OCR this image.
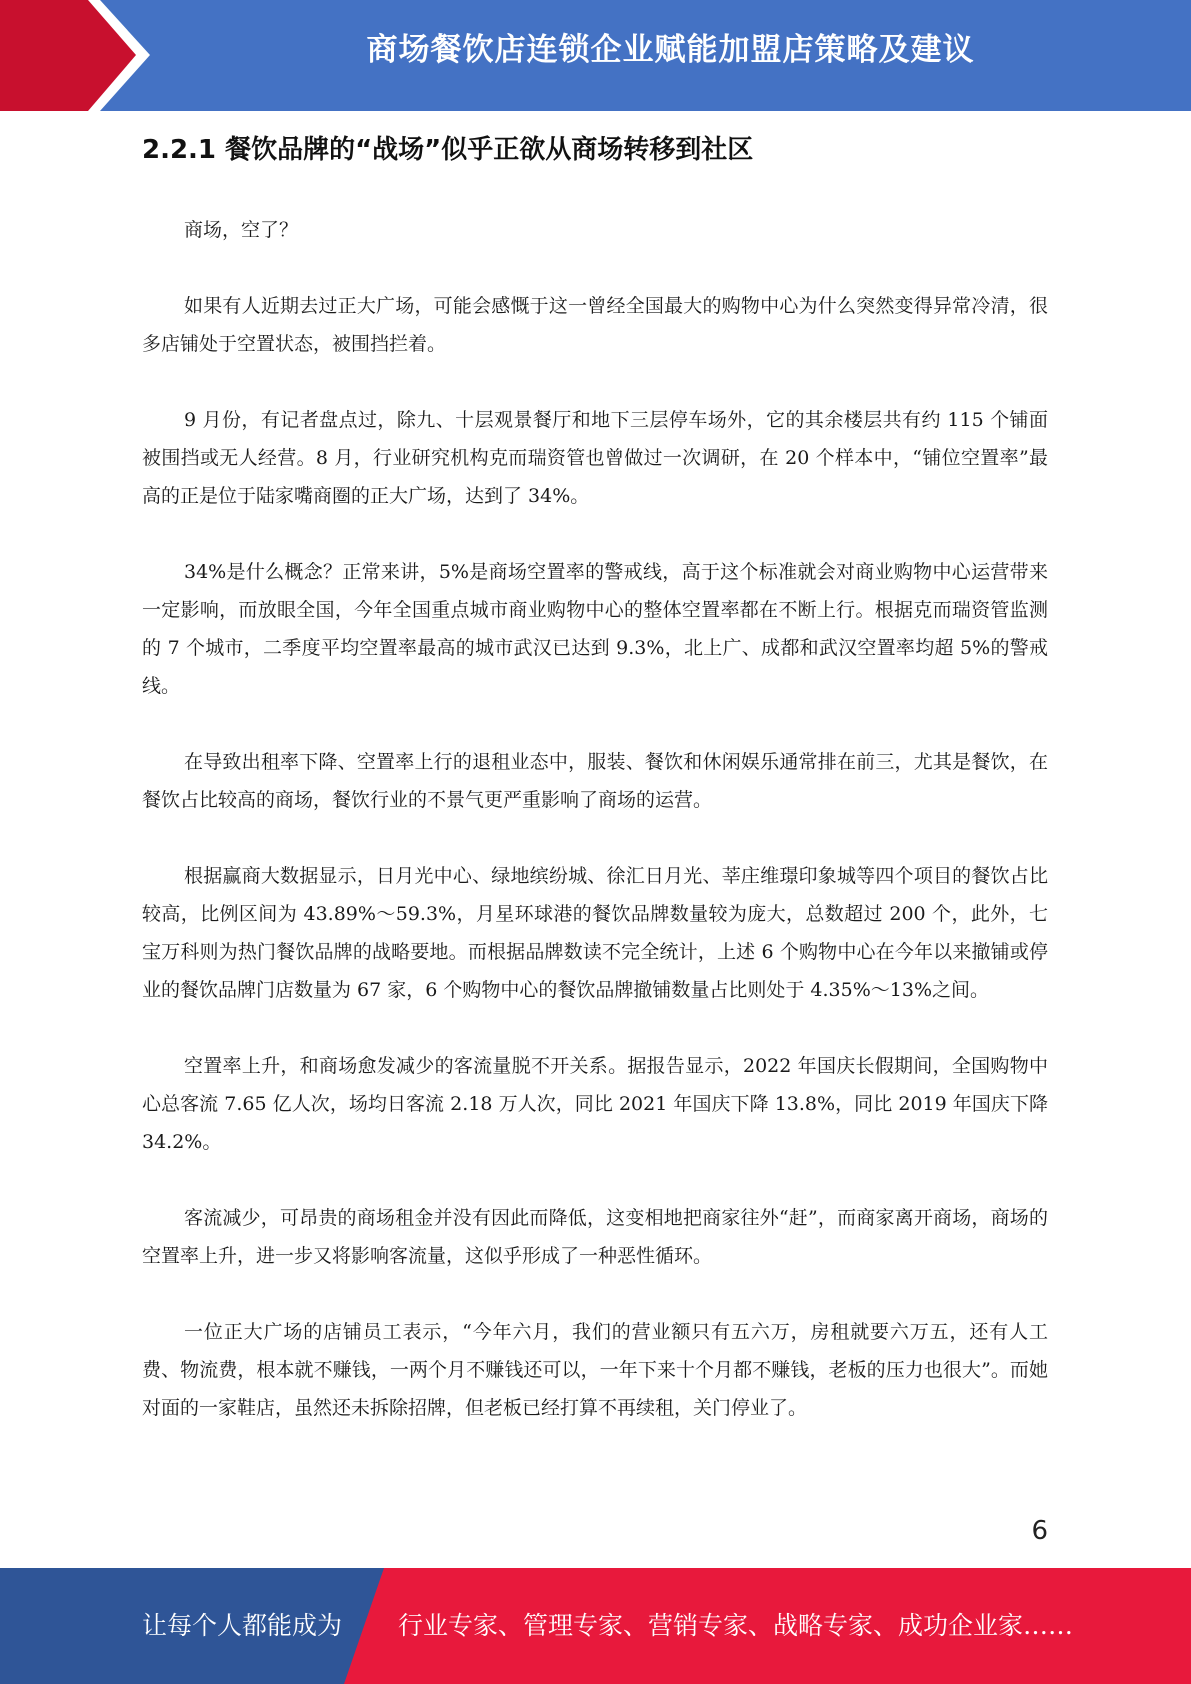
商场餐饮店连锁企业赋能加盟店策略及建议
2.2.1 餐饮品牌的“战场”似乎正欲从商场转移到社区

商场，空了？

如果有人近期去过正大广场，可能会感慨于这一曾经全国最大的购物中心为什么突然变得异常冷清，很多店铺处于空置状态，被围挡拦着。

9 月份，有记者盘点过，除九、十层观景餐厅和地下三层停车场外，它的其余楼层共有约 115 个铺面被围挡或无人经营。8 月，行业研究机构克而瑞资管也曾做过一次调研，在 20 个样本中，“铺位空置率”最高的正是位于陆家嘴商圈的正大广场，达到了 34%。

34%是什么概念？正常来讲，5%是商场空置率的警戒线，高于这个标准就会对商业购物中心运营带来一定影响，而放眼全国，今年全国重点城市商业购物中心的整体空置率都在不断上行。根据克而瑞资管监测的 7 个城市，二季度平均空置率最高的城市武汉已达到 9.3%，北上广、成都和武汉空置率均超 5%的警戒线。

在导致出租率下降、空置率上行的退租业态中，服装、餐饮和休闲娱乐通常排在前三，尤其是餐饮，在餐饮占比较高的商场，餐饮行业的不景气更严重影响了商场的运营。

根据赢商大数据显示，日月光中心、绿地缤纷城、徐汇日月光、莘庄维璟印象城等四个项目的餐饮占比较高，比例区间为 43.89%～59.3%，月星环球港的餐饮品牌数量较为庞大，总数超过 200 个，此外，七宝万科则为热门餐饮品牌的战略要地。而根据品牌数读不完全统计，上述 6 个购物中心在今年以来撤铺或停业的餐饮品牌门店数量为 67 家，6 个购物中心的餐饮品牌撤铺数量占比则处于 4.35%～13%之间。

空置率上升，和商场愈发减少的客流量脱不开关系。据报告显示，2022 年国庆长假期间，全国购物中心总客流 7.65 亿人次，场均日客流 2.18 万人次，同比 2021 年国庆下降 13.8%，同比 2019 年国庆下降 34.2%。

客流减少，可昂贵的商场租金并没有因此而降低，这变相地把商家往外“赶”，而商家离开商场，商场的空置率上升，进一步又将影响客流量，这似乎形成了一种恶性循环。

一位正大广场的店铺员工表示，“今年六月，我们的营业额只有五六万，房租就要六万五，还有人工费、物流费，根本就不赚钱，一两个月不赚钱还可以，一年下来十个月都不赚钱，老板的压力也很大”。而她对面的一家鞋店，虽然还未拆除招牌，但老板已经打算不再续租，关门停业了。

6
让每个人都能成为 行业专家、管理专家、营销专家、战略专家、成功企业家……
